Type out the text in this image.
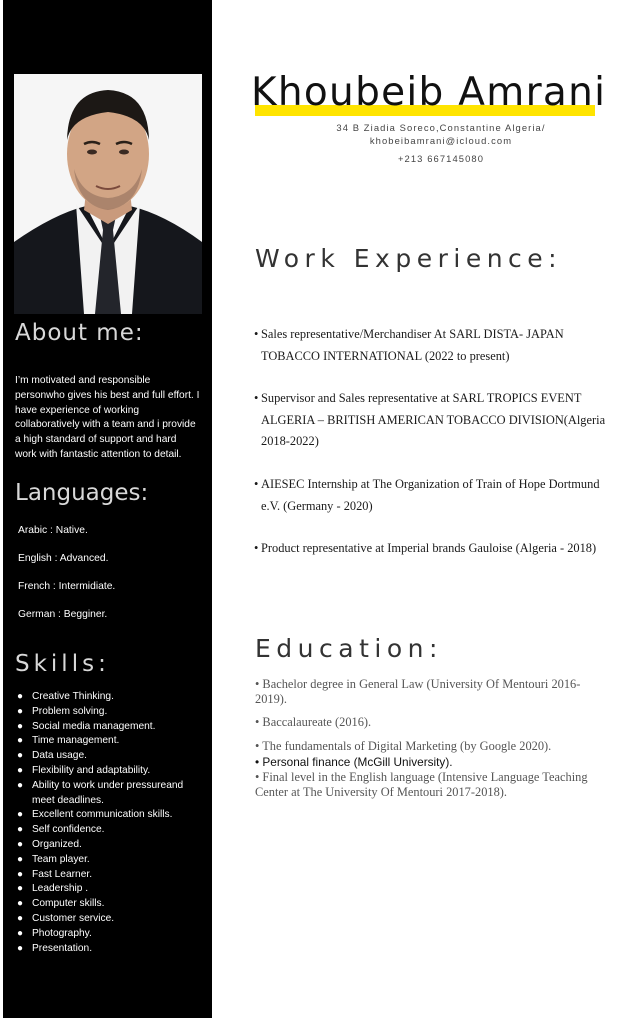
About me:

I’m motivated and responsible personwho gives his best and full effort. I have experience of working collaboratively with a team and i provide a high standard of support and hard work with fantastic attention to detail.

Languages:
Arabic : Native.
English : Advanced.
French : Intermidiate.
German : Begginer.
Skills:
● Creative Thinking.
● Problem solving.
● Social media management.
● Time management.
● Data usage.
● Flexibility and adaptability.
● Ability to work under pressureand meet deadlines.
● Excellent communication skills.
● Self confidence.
● Organized.
● Team player.
● Fast Learner.
● Leadership .
● Computer skills.
● Customer service.
● Photography.
● Presentation.
Khoubeib Amrani
34 B Ziadia Soreco,Constantine Algeria/
khobeibamrani@icloud.com
+213 667145080
Work Experience:
• Sales representative/Merchandiser At SARL DISTA- JAPAN TOBACCO INTERNATIONAL (2022 to present)
• Supervisor and Sales representative at SARL TROPICS EVENT ALGERIA – BRITISH AMERICAN TOBACCO DIVISION(Algeria 2018-2022)
• AIESEC Internship at The Organization of Train of Hope Dortmund e.V. (Germany - 2020)
• Product representative at Imperial brands Gauloise (Algeria - 2018)
Education:
• Bachelor degree in General Law (University Of Mentouri 2016-2019).
• Baccalaureate (2016).
• The fundamentals of Digital Marketing (by Google 2020).
• Personal finance (McGill University).
• Final level in the English language (Intensive Language Teaching Center at The University Of Mentouri 2017-2018).
